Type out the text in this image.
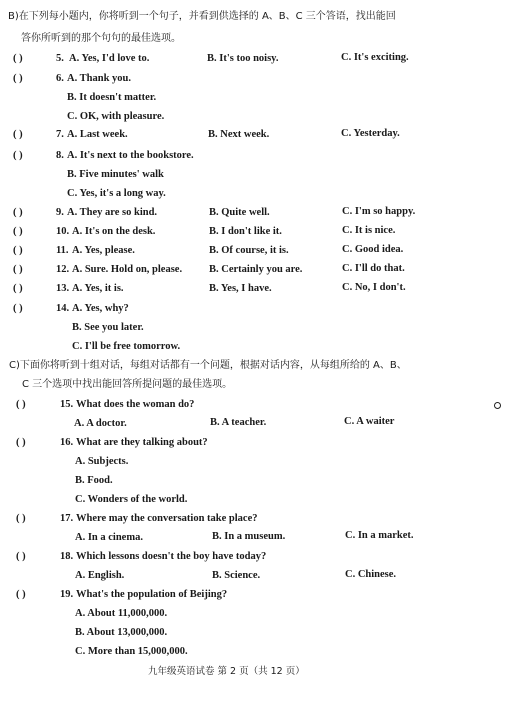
B)在下列每小题内，你将听到一个句子，并看到供选择的 A、B、C 三个答语，找出能回
答你所听到的那个句句的最佳选项。
( )	5. A. Yes, I'd love to.	B. It's too noisy.	C. It's exciting.
( )	6. A. Thank you.
B. It doesn't matter.
C. OK, with pleasure.
( )	7. A. Last week.	B. Next week.	C. Yesterday.
( )	8. A. It's next to the bookstore.
B. Five minutes' walk
C. Yes, it's a long way.
( )	9. A. They are so kind.	B. Quite well.	C. I'm so happy.
( )	10. A. It's on the desk.	B. I don't like it.	C. It is nice.
( )	11. A. Yes, please.	B. Of course, it is.	C. Good idea.
( )	12. A. Sure. Hold on, please.	B. Certainly you are.	C. I'll do that.
( )	13. A. Yes, it is.	B. Yes, I have.	C. No, I don't.
( )	14. A. Yes, why?
B. See you later.
C. I'll be free tomorrow.
C)下面你将听到十组对话，每组对话都有一个问题，根据对话内容，从每组所给的 A、B、
C 三个选项中找出能回答所提问题的最佳选项。
( )	15. What does the woman do?
A. A doctor.	B. A teacher.	C. A waiter
( )	16. What are they talking about?
A. Subjects.
B. Food.
C. Wonders of the world.
( )	17. Where may the conversation take place?
A. In a cinema.	B. In a museum.	C. In a market.
( )	18. Which lessons doesn't the boy have today?
A. English.	B. Science.	C. Chinese.
( )	19. What's the population of Beijing?
A. About 11,000,000.
B. About 13,000,000.
C. More than 15,000,000.
九年级英语试卷 第 2 页（共 12 页）
